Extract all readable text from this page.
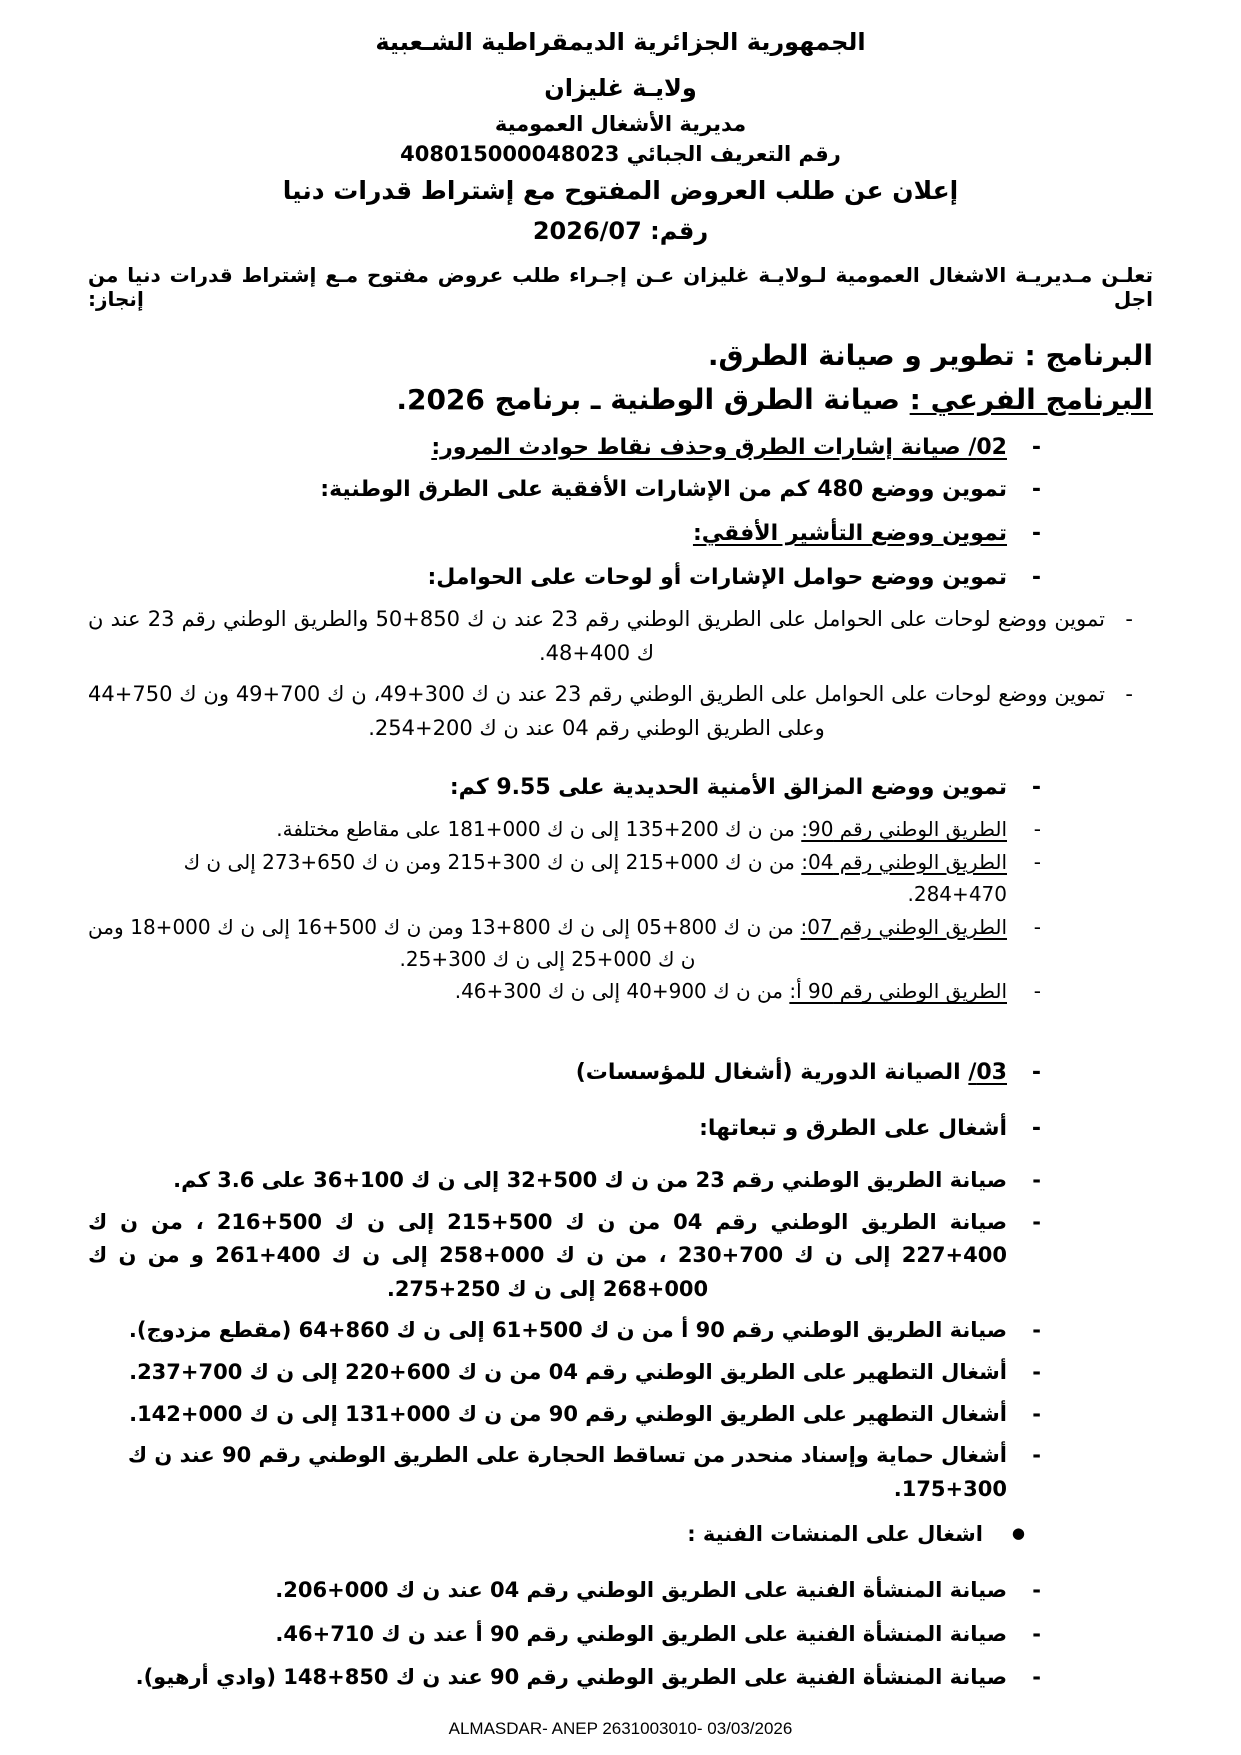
الجمهورية الجزائرية الديمقراطية الشـعبية
ولايـة غليزان
مديرية الأشغال العمومية
رقم التعريف الجبائي 408015000048023
إعلان عن طلب العروض المفتوح مع إشتراط قدرات دنيا
رقم: 2026/07

تعلـن مـديريـة الاشغال العمومية لـولايـة غليزان عـن إجـراء طلب عروض مفتوح مـع إشتراط قدرات دنيا من اجل إنجاز:

البرنامج : تطوير و صيانة الطرق.
البرنامج الفرعي : صيانة الطرق الوطنية ـ برنامج 2026.
-
02/ صيانة إشارات الطرق وحذف نقاط حوادث المرور:
-
تموين ووضع 480 كم من الإشارات الأفقية على الطرق الوطنية:
-
تموين ووضع التأشير الأفقي:
-
تموين ووضع حوامل الإشارات أو لوحات على الحوامل:
-
تموين ووضع لوحات على الحوامل على الطريق الوطني رقم 23 عند ن ك 850+50 والطريق الوطني رقم 23 عند ن ك 400+48.
-
تموين ووضع لوحات على الحوامل على الطريق الوطني رقم 23 عند ن ك 300+49، ن ك 700+49 ون ك 750+44 وعلى الطريق الوطني رقم 04 عند ن ك 200+254.
-
تموين ووضع المزالق الأمنية الحديدية على 9.55 كم:
-
الطريق الوطني رقم 90: من ن ك 200+135 إلى ن ك 000+181 على مقاطع مختلفة.
-
الطريق الوطني رقم 04: من ن ك 000+215 إلى ن ك 300+215 ومن ن ك 650+273 إلى ن ك 470+284.
-
الطريق الوطني رقم 07: من ن ك 800+05 إلى ن ك 800+13 ومن ن ك 500+16 إلى ن ك 000+18 ومن ن ك 000+25 إلى ن ك 300+25.
-
الطريق الوطني رقم 90 أ: من ن ك 900+40 إلى ن ك 300+46.
-
03/ الصيانة الدورية (أشغال للمؤسسات)
-
أشغال على الطرق و تبعاتها:
-
صيانة الطريق الوطني رقم 23 من ن ك 500+32 إلى ن ك 100+36 على 3.6 كم.
-
صيانة الطريق الوطني رقم 04 من ن ك 500+215 إلى ن ك 500+216 ، من ن ك 400+227 إلى ن ك 700+230 ، من ن ك 000+258 إلى ن ك 400+261 و من ن ك 000+268 إلى ن ك 250+275.
-
صيانة الطريق الوطني رقم 90 أ من ن ك 500+61 إلى ن ك 860+64 (مقطع مزدوج).
-
أشغال التطهير على الطريق الوطني رقم 04 من ن ك 600+220 إلى ن ك 700+237.
-
أشغال التطهير على الطريق الوطني رقم 90 من ن ك 000+131 إلى ن ك 000+142.
-
أشغال حماية وإسناد منحدر من تساقط الحجارة على الطريق الوطني رقم 90 عند ن ك 300+175.
●
اشغال على المنشات الفنية :
-
صيانة المنشأة الفنية على الطريق الوطني رقم 04 عند ن ك 000+206.
-
صيانة المنشأة الفنية على الطريق الوطني رقم 90 أ عند ن ك 710+46.
-
صيانة المنشأة الفنية على الطريق الوطني رقم 90 عند ن ك 850+148 (وادي أرهيو).
ALMASDAR- ANEP 2631003010- 03/03/2026
